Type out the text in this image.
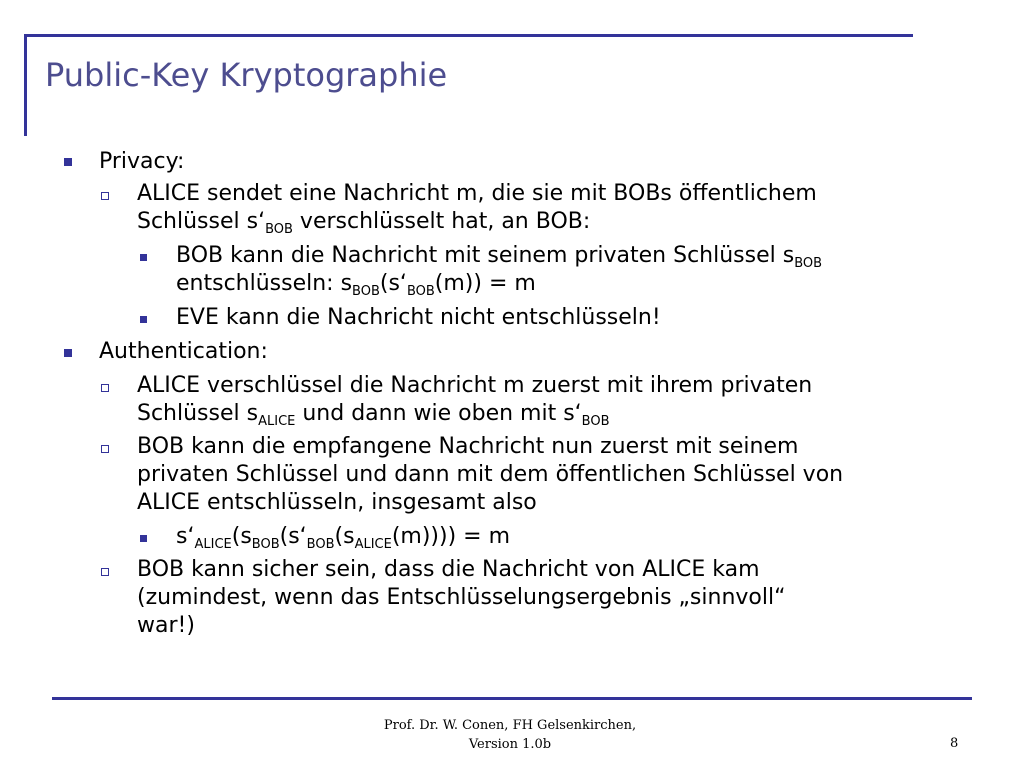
Public-Key Kryptographie
Privacy:
ALICE sendet eine Nachricht m, die sie mit BOBs öffentlichem
Schlüssel $s‘_{BOB}$ verschlüsselt hat, an BOB:
BOB kann die Nachricht mit seinem privaten Schlüssel $s_{BOB}$
entschlüsseln: $s_{BOB}(s‘_{BOB}(m)) = m$
EVE kann die Nachricht nicht entschlüsseln!
Authentication:
ALICE verschlüssel die Nachricht m zuerst mit ihrem privaten
Schlüssel $s_{ALICE}$ und dann wie oben mit $s‘_{BOB}$
BOB kann die empfangene Nachricht nun zuerst mit seinem
privaten Schlüssel und dann mit dem öffentlichen Schlüssel von
ALICE entschlüsseln, insgesamt also
$s‘_{ALICE}(s_{BOB}(s‘_{BOB}(s_{ALICE}(m)))) = m$
BOB kann sicher sein, dass die Nachricht von ALICE kam
(zumindest, wenn das Entschlüsselungsergebnis „sinnvoll“
war!)
Prof. Dr. W. Conen, FH Gelsenkirchen,
Version 1.0b	8
